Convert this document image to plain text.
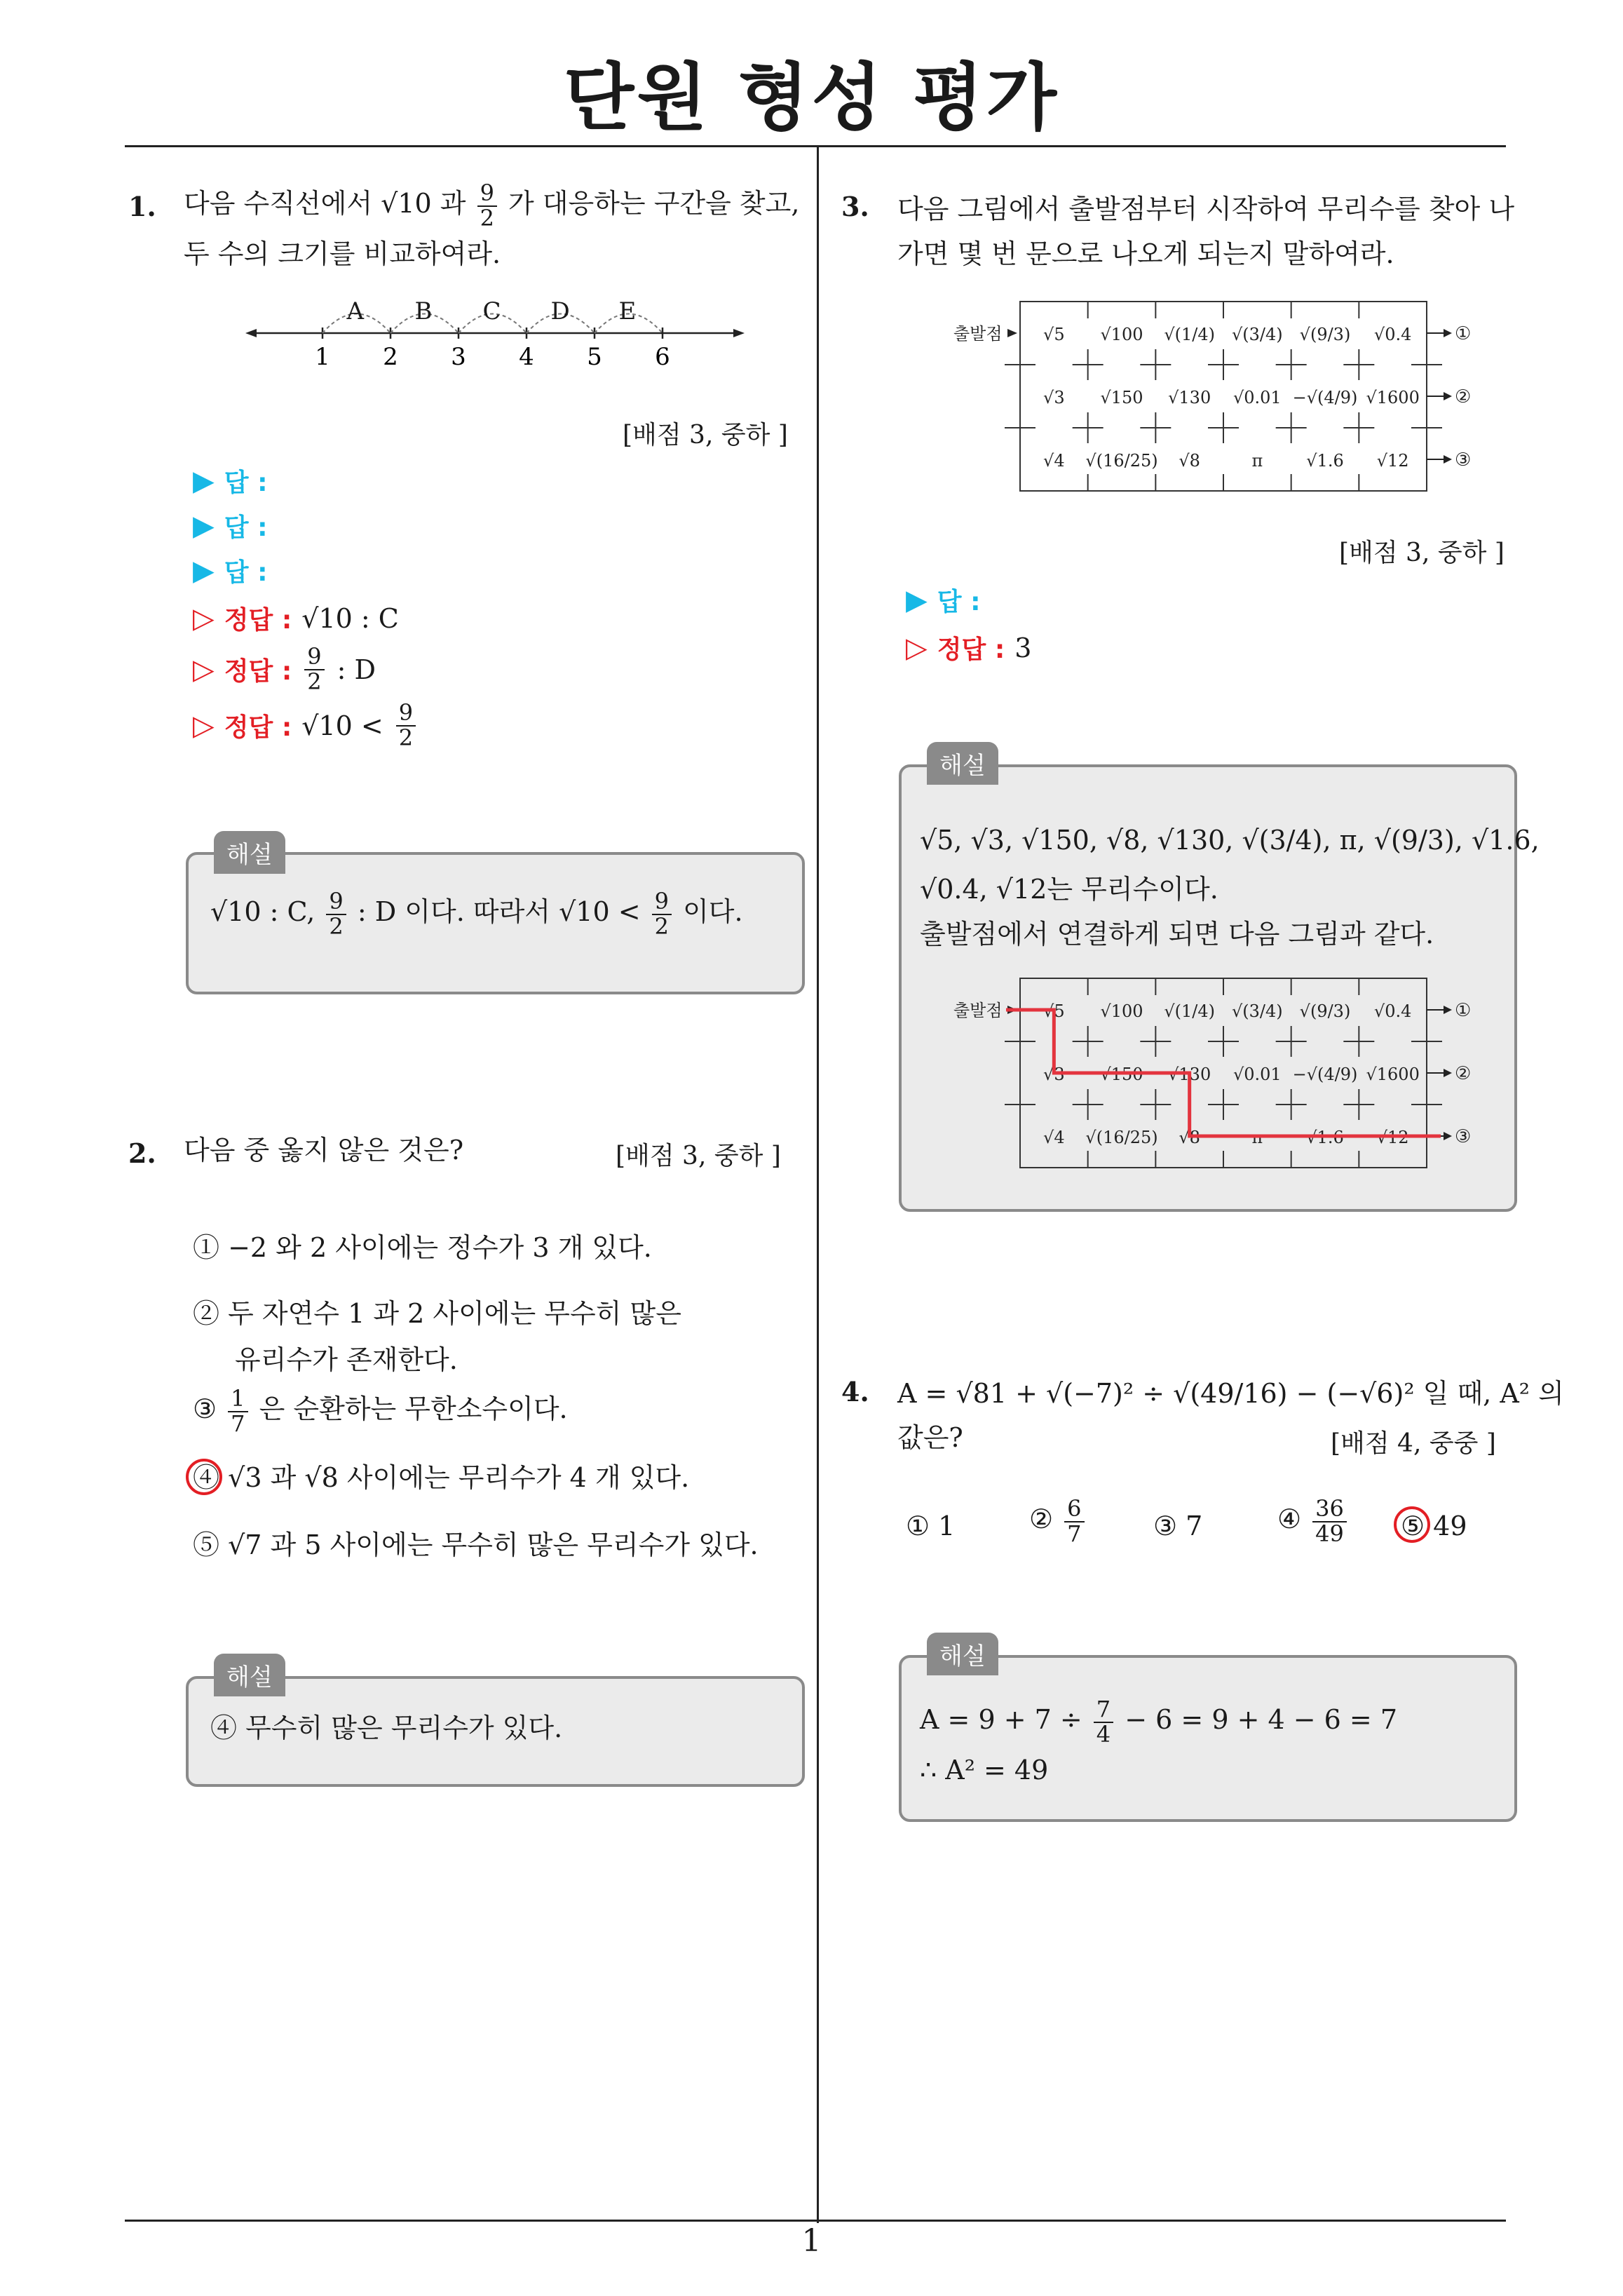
단원 형성 평가
1
1. 다음 수직선에서 √10 과 $\frac{9}{2}$ 가 대응하는 구간을 찾고,
두 수의 크기를 비교하여라.
1 2 3 4 5 6
A B C D E
[배점 3, 중하 ]
▶ 답 :
▶ 답 :
▶ 답 :
▷ 정답 : √10 : C
▷ 정답 : $\frac{9}{2}$ : D
▷ 정답 : $√10 < \frac{9}{2}$
해설
√10 : C, $\frac{9}{2}$ : D 이다. 따라서 $√10 < \frac{9}{2}$ 이다.
2. 다음 중 옳지 않은 것은?	[배점 3, 중하 ]
① −2 와 2 사이에는 정수가 3 개 있다.
② 두 자연수 1 과 2 사이에는 무수히 많은
유리수가 존재한다.
③ $\frac{1}{7}$ 은 순환하는 무한소수이다.
④ √3 과 √8 사이에는 무리수가 4 개 있다.
⑤ √7 과 5 사이에는 무수히 많은 무리수가 있다.
해설
④ 무수히 많은 무리수가 있다.
3. 다음 그림에서 출발점부터 시작하여 무리수를 찾아 나
가면 몇 번 문으로 나오게 되는지 말하여라.
√5 √100 √(1/4) √(3/4) √(9/3) √0.4
√3 √150 √130 √0.01 −√(4/9) √1600
√4 √(16/25) √8	π	√1.6 √12
출발점	①
②
③
[배점 3, 중하 ]
▶ 답 :
▷ 정답 : 3
해설
√5, √3, √150, √8, √130, √(3/4), π, √(9/3), √1.6,
√0.4, √12는 무리수이다.
출발점에서 연결하게 되면 다음 그림과 같다.
√5 √100 √(1/4) √(3/4) √(9/3) √0.4
√3 √150 √130 √0.01 −√(4/9) √1600
√4 √(16/25) √8	π	√1.6 √12
출발점	①
②
③
4. A = √81 + √(−7)² ÷ √(49/16) − (−√6)² 일 때, A² 의
값은?	[배점 4, 중중 ]
① 1	② $\frac{6}{7}$	③ 7	④ $\frac{36}{49}$ ⑤ 49
해설
$A = 9 + 7 \div \frac{7}{4} - 6 = 9 + 4 - 6 = 7$
∴ A² = 49
